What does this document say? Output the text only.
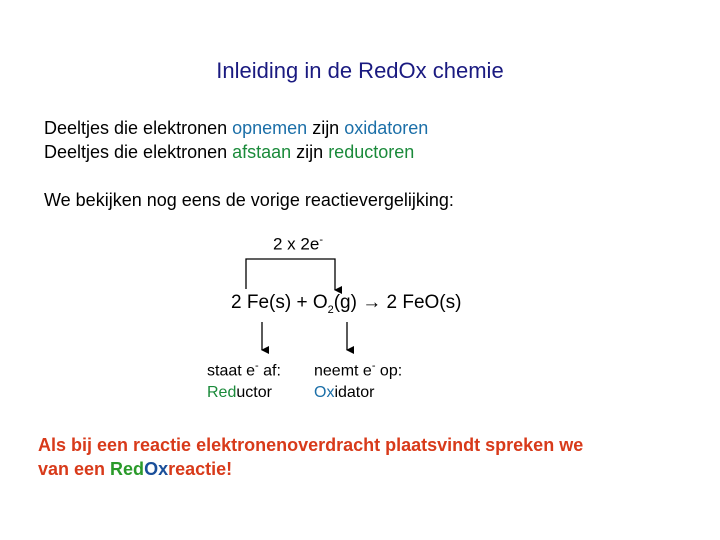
Inleiding in de RedOx chemie
Deeltjes die elektronen opnemen zijn oxidatoren
Deeltjes die elektronen afstaan zijn reductoren
We bekijken nog eens de vorige reactievergelijking:
2 x 2e-
2 $Fe(s) + O_2(g) \to 2$ FeO(s)
staat e- af:
Reductor
neemt e- op:
Oxidator
Als bij een reactie elektronenoverdracht plaatsvindt spreken we
van een RedOxreactie!
